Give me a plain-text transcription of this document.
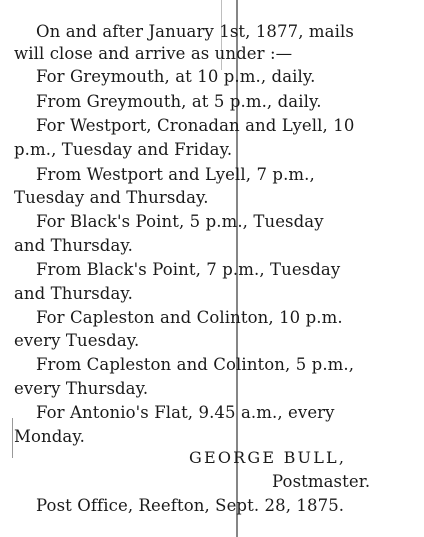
On and after January 1st, 1877, mails
will close and arrive as under :—
For Greymouth, at 10 p.m., daily.
From Greymouth, at 5 p.m., daily.
For Westport, Cronadan and Lyell, 10
p.m., Tuesday and Friday.
From Westport and Lyell, 7 p.m.,
Tuesday and Thursday.
For Black's Point, 5 p.m., Tuesday
and Thursday.
From Black's Point, 7 p.m., Tuesday
and Thursday.
For Capleston and Colinton, 10 p.m.
every Tuesday.
From Capleston and Colinton, 5 p.m.,
every Thursday.
For Antonio's Flat, 9.45 a.m., every
Monday.
GEORGE BULL,
Postmaster.
Post Office, Reefton, Sept. 28, 1875.
